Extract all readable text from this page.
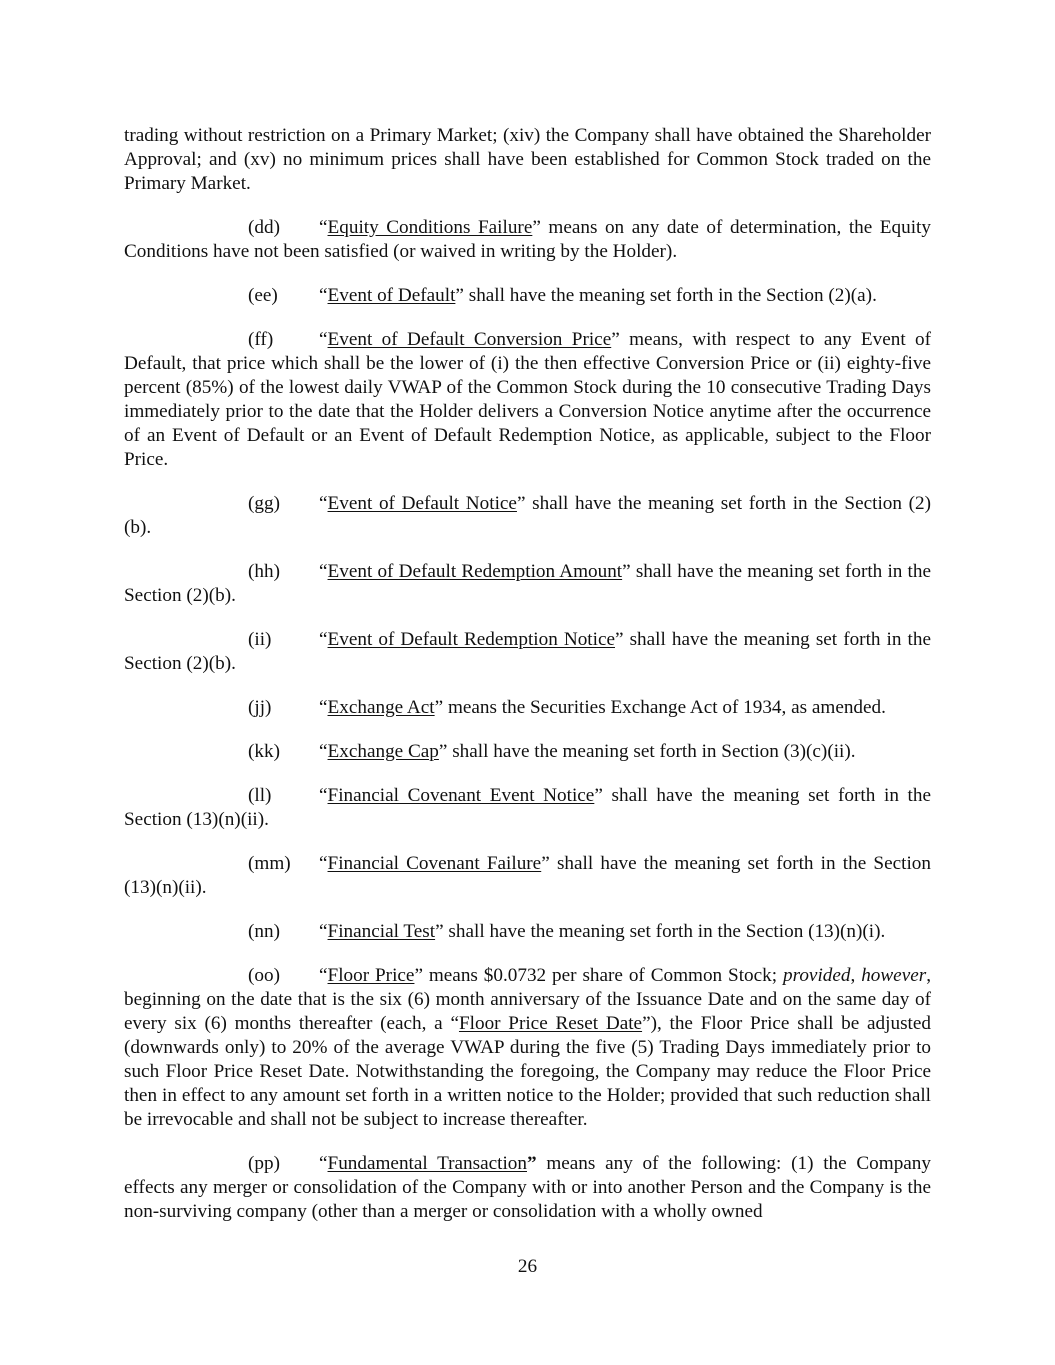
trading without restriction on a Primary Market; (xiv) the Company shall have obtained the Shareholder Approval; and (xv) no minimum prices shall have been established for Common Stock traded on the Primary Market.

(dd) “Equity Conditions Failure” means on any date of determination, the Equity Conditions have not been satisfied (or waived in writing by the Holder).

(ee) “Event of Default” shall have the meaning set forth in the Section (2)(a).

(ff) “Event of Default Conversion Price” means, with respect to any Event of Default, that price which shall be the lower of (i) the then effective Conversion Price or (ii) eighty-five percent (85%) of the lowest daily VWAP of the Common Stock during the 10 consecutive Trading Days immediately prior to the date that the Holder delivers a Conversion Notice anytime after the occurrence of an Event of Default or an Event of Default Redemption Notice, as applicable, subject to the Floor Price.

(gg) “Event of Default Notice” shall have the meaning set forth in the Section (2)(b).

(hh) “Event of Default Redemption Amount” shall have the meaning set forth in the Section (2)(b).

(ii) “Event of Default Redemption Notice” shall have the meaning set forth in the Section (2)(b).

(jj) “Exchange Act” means the Securities Exchange Act of 1934, as amended.

(kk) “Exchange Cap” shall have the meaning set forth in Section (3)(c)(ii).

(ll) “Financial Covenant Event Notice” shall have the meaning set forth in the Section (13)(n)(ii).

(mm) “Financial Covenant Failure” shall have the meaning set forth in the Section (13)(n)(ii).

(nn) “Financial Test” shall have the meaning set forth in the Section (13)(n)(i).

(oo) “Floor Price” means $0.0732 per share of Common Stock; provided, however, beginning on the date that is the six (6) month anniversary of the Issuance Date and on the same day of every six (6) months thereafter (each, a “Floor Price Reset Date”), the Floor Price shall be adjusted (downwards only) to 20% of the average VWAP during the five (5) Trading Days immediately prior to such Floor Price Reset Date. Notwithstanding the foregoing, the Company may reduce the Floor Price then in effect to any amount set forth in a written notice to the Holder; provided that such reduction shall be irrevocable and shall not be subject to increase thereafter.

(pp) “Fundamental Transaction” means any of the following: (1) the Company effects any merger or consolidation of the Company with or into another Person and the Company is the non-surviving company (other than a merger or consolidation with a wholly owned

26
